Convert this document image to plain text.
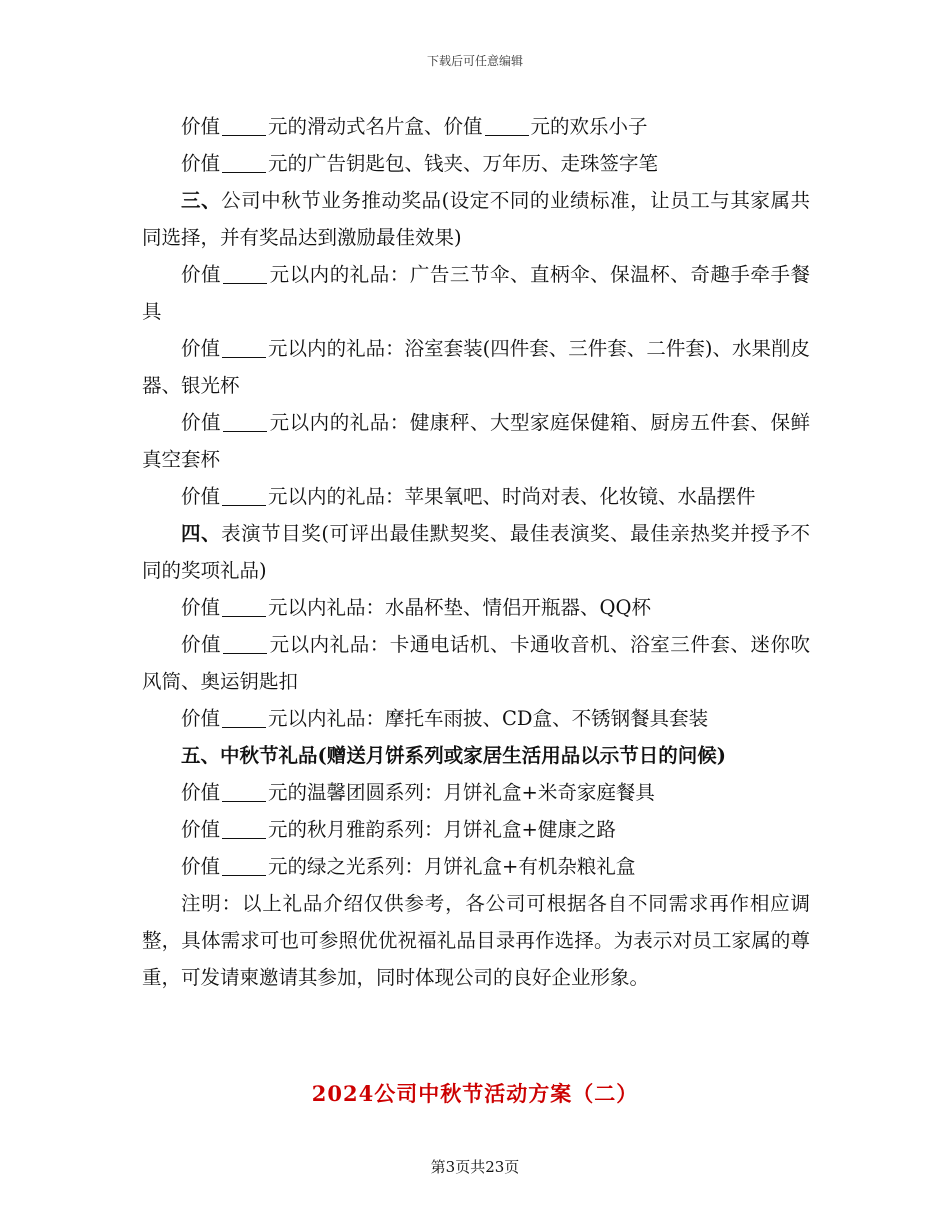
下载后可任意编辑

价值 元的滑动式名片盒、价值 元的欢乐小子

价值 元的广告钥匙包、钱夹、万年历、走珠签字笔

三、公司中秋节业务推动奖品(设定不同的业绩标准，让员工与其家属共同选择，并有奖品达到激励最佳效果)

价值 元以内的礼品：广告三节伞、直柄伞、保温杯、奇趣手牵手餐具

价值 元以内的礼品：浴室套装(四件套、三件套、二件套)、水果削皮器、银光杯

价值 元以内的礼品：健康秤、大型家庭保健箱、厨房五件套、保鲜真空套杯

价值 元以内的礼品：苹果氧吧、时尚对表、化妆镜、水晶摆件

四、表演节目奖(可评出最佳默契奖、最佳表演奖、最佳亲热奖并授予不同的奖项礼品)

价值 元以内礼品：水晶杯垫、情侣开瓶器、QQ杯

价值 元以内礼品：卡通电话机、卡通收音机、浴室三件套、迷你吹风筒、奥运钥匙扣

价值 元以内礼品：摩托车雨披、CD盒、不锈钢餐具套装

五、中秋节礼品(赠送月饼系列或家居生活用品以示节日的问候)

价值 元的温馨团圆系列：月饼礼盒+米奇家庭餐具

价值 元的秋月雅韵系列：月饼礼盒+健康之路

价值 元的绿之光系列：月饼礼盒+有机杂粮礼盒

注明：以上礼品介绍仅供参考，各公司可根据各自不同需求再作相应调整，具体需求可也可参照优优祝福礼品目录再作选择。为表示对员工家属的尊重，可发请柬邀请其参加，同时体现公司的良好企业形象。

2024公司中秋节活动方案（二）
第3页共23页
